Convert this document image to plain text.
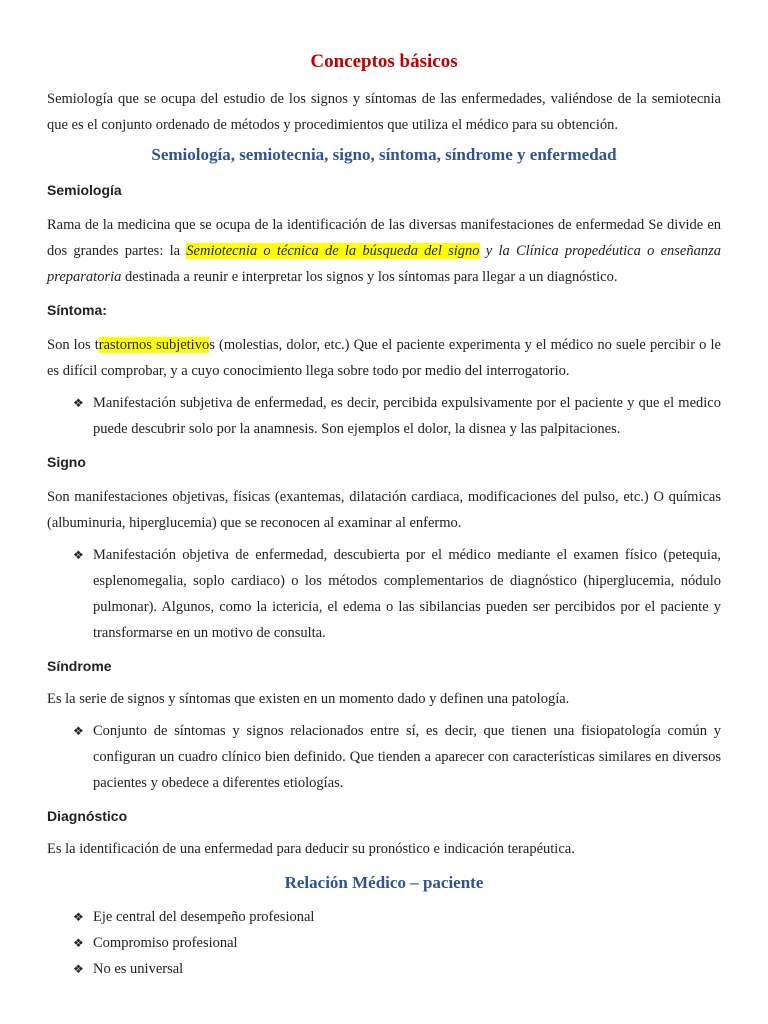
Conceptos básicos

Semiología que se ocupa del estudio de los signos y síntomas de las enfermedades, valiéndose de la semiotecnia que es el conjunto ordenado de métodos y procedimientos que utiliza el médico para su obtención.

Semiología, semiotecnia, signo, síntoma, síndrome y enfermedad
Semiología

Rama de la medicina que se ocupa de la identificación de las diversas manifestaciones de enfermedad Se divide en dos grandes partes: la Semiotecnia o técnica de la búsqueda del signo y la Clínica propedéutica o enseñanza preparatoria destinada a reunir e interpretar los signos y los síntomas para llegar a un diagnóstico.

Síntoma:

Son los trastornos subjetivos (molestias, dolor, etc.) Que el paciente experimenta y el médico no suele percibir o le es difícil comprobar, y a cuyo conocimiento llega sobre todo por medio del interrogatorio.

❖ Manifestación subjetiva de enfermedad, es decir, percibida expulsivamente por el paciente y que el medico puede descubrir solo por la anamnesis. Son ejemplos el dolor, la disnea y las palpitaciones.
Signo

Son manifestaciones objetivas, físicas (exantemas, dilatación cardiaca, modificaciones del pulso, etc.) O químicas (albuminuria, hiperglucemia) que se reconocen al examinar al enfermo.

❖ Manifestación objetiva de enfermedad, descubierta por el médico mediante el examen físico (petequia, esplenomegalia, soplo cardiaco) o los métodos complementarios de diagnóstico (hiperglucemia, nódulo pulmonar). Algunos, como la ictericia, el edema o las sibilancias pueden ser percibidos por el paciente y transformarse en un motivo de consulta.
Síndrome

Es la serie de signos y síntomas que existen en un momento dado y definen una patología.

❖ Conjunto de síntomas y signos relacionados entre sí, es decir, que tienen una fisiopatología común y configuran un cuadro clínico bien definido. Que tienden a aparecer con características similares en diversos pacientes y obedece a diferentes etiologías.
Diagnóstico

Es la identificación de una enfermedad para deducir su pronóstico e indicación terapéutica.

Relación Médico – paciente
❖ Eje central del desempeño profesional
❖ Compromiso profesional
❖ No es universal
